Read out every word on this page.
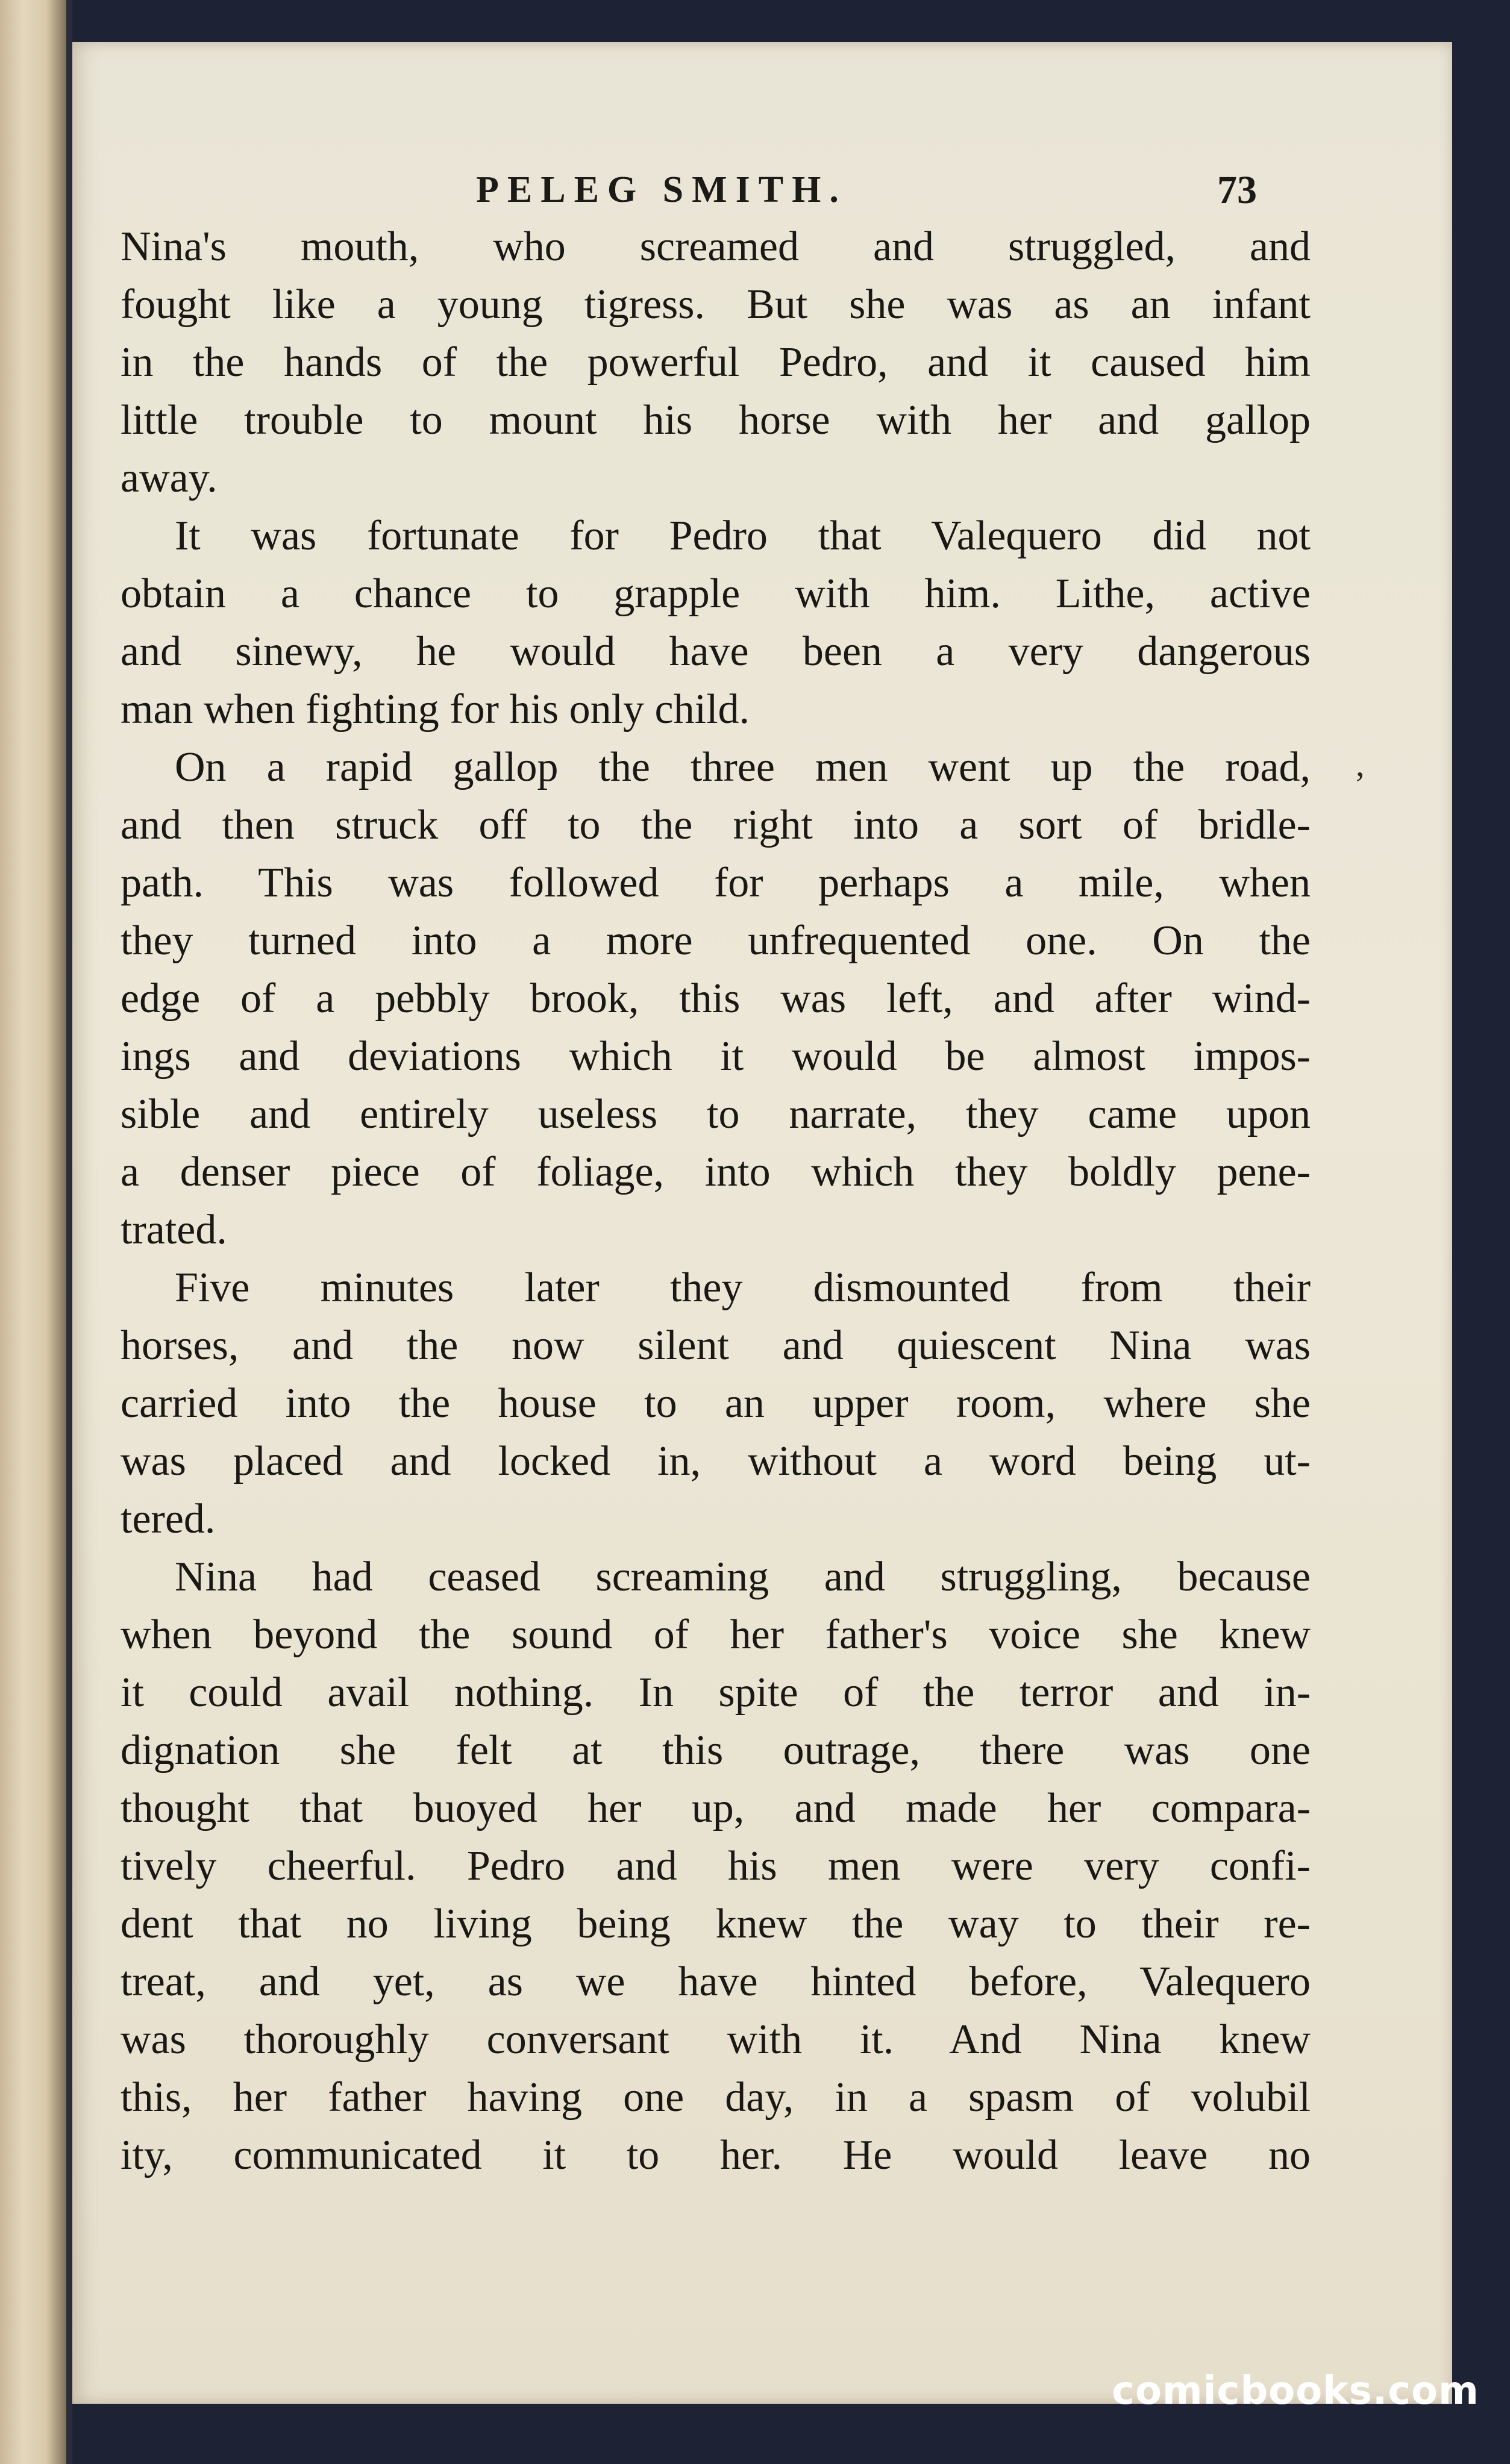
PELEG SMITH.	73
Nina's mouth, who screamed and struggled, and
fought like a young tigress. But she was as an infant
in the hands of the powerful Pedro, and it caused him
little trouble to mount his horse with her and gallop
away.
It was fortunate for Pedro that Valequero did not
obtain a chance to grapple with him. Lithe, active
and sinewy, he would have been a very dangerous
man when fighting for his only child.
On a rapid gallop the three men went up the road,
and then struck off to the right into a sort of bridle-
path. This was followed for perhaps a mile, when
they turned into a more unfrequented one. On the
edge of a pebbly brook, this was left, and after wind-
ings and deviations which it would be almost impos-
sible and entirely useless to narrate, they came upon
a denser piece of foliage, into which they boldly pene-
trated.
Five minutes later they dismounted from their
horses, and the now silent and quiescent Nina was
carried into the house to an upper room, where she
was placed and locked in, without a word being ut-
tered.
Nina had ceased screaming and struggling, because
when beyond the sound of her father's voice she knew
it could avail nothing. In spite of the terror and in-
dignation she felt at this outrage, there was one
thought that buoyed her up, and made her compara-
tively cheerful. Pedro and his men were very confi-
dent that no living being knew the way to their re-
treat, and yet, as we have hinted before, Valequero
was thoroughly conversant with it. And Nina knew
this, her father having one day, in a spasm of volubil
ity, communicated it to her. He would leave no
,
comicbooks.com
